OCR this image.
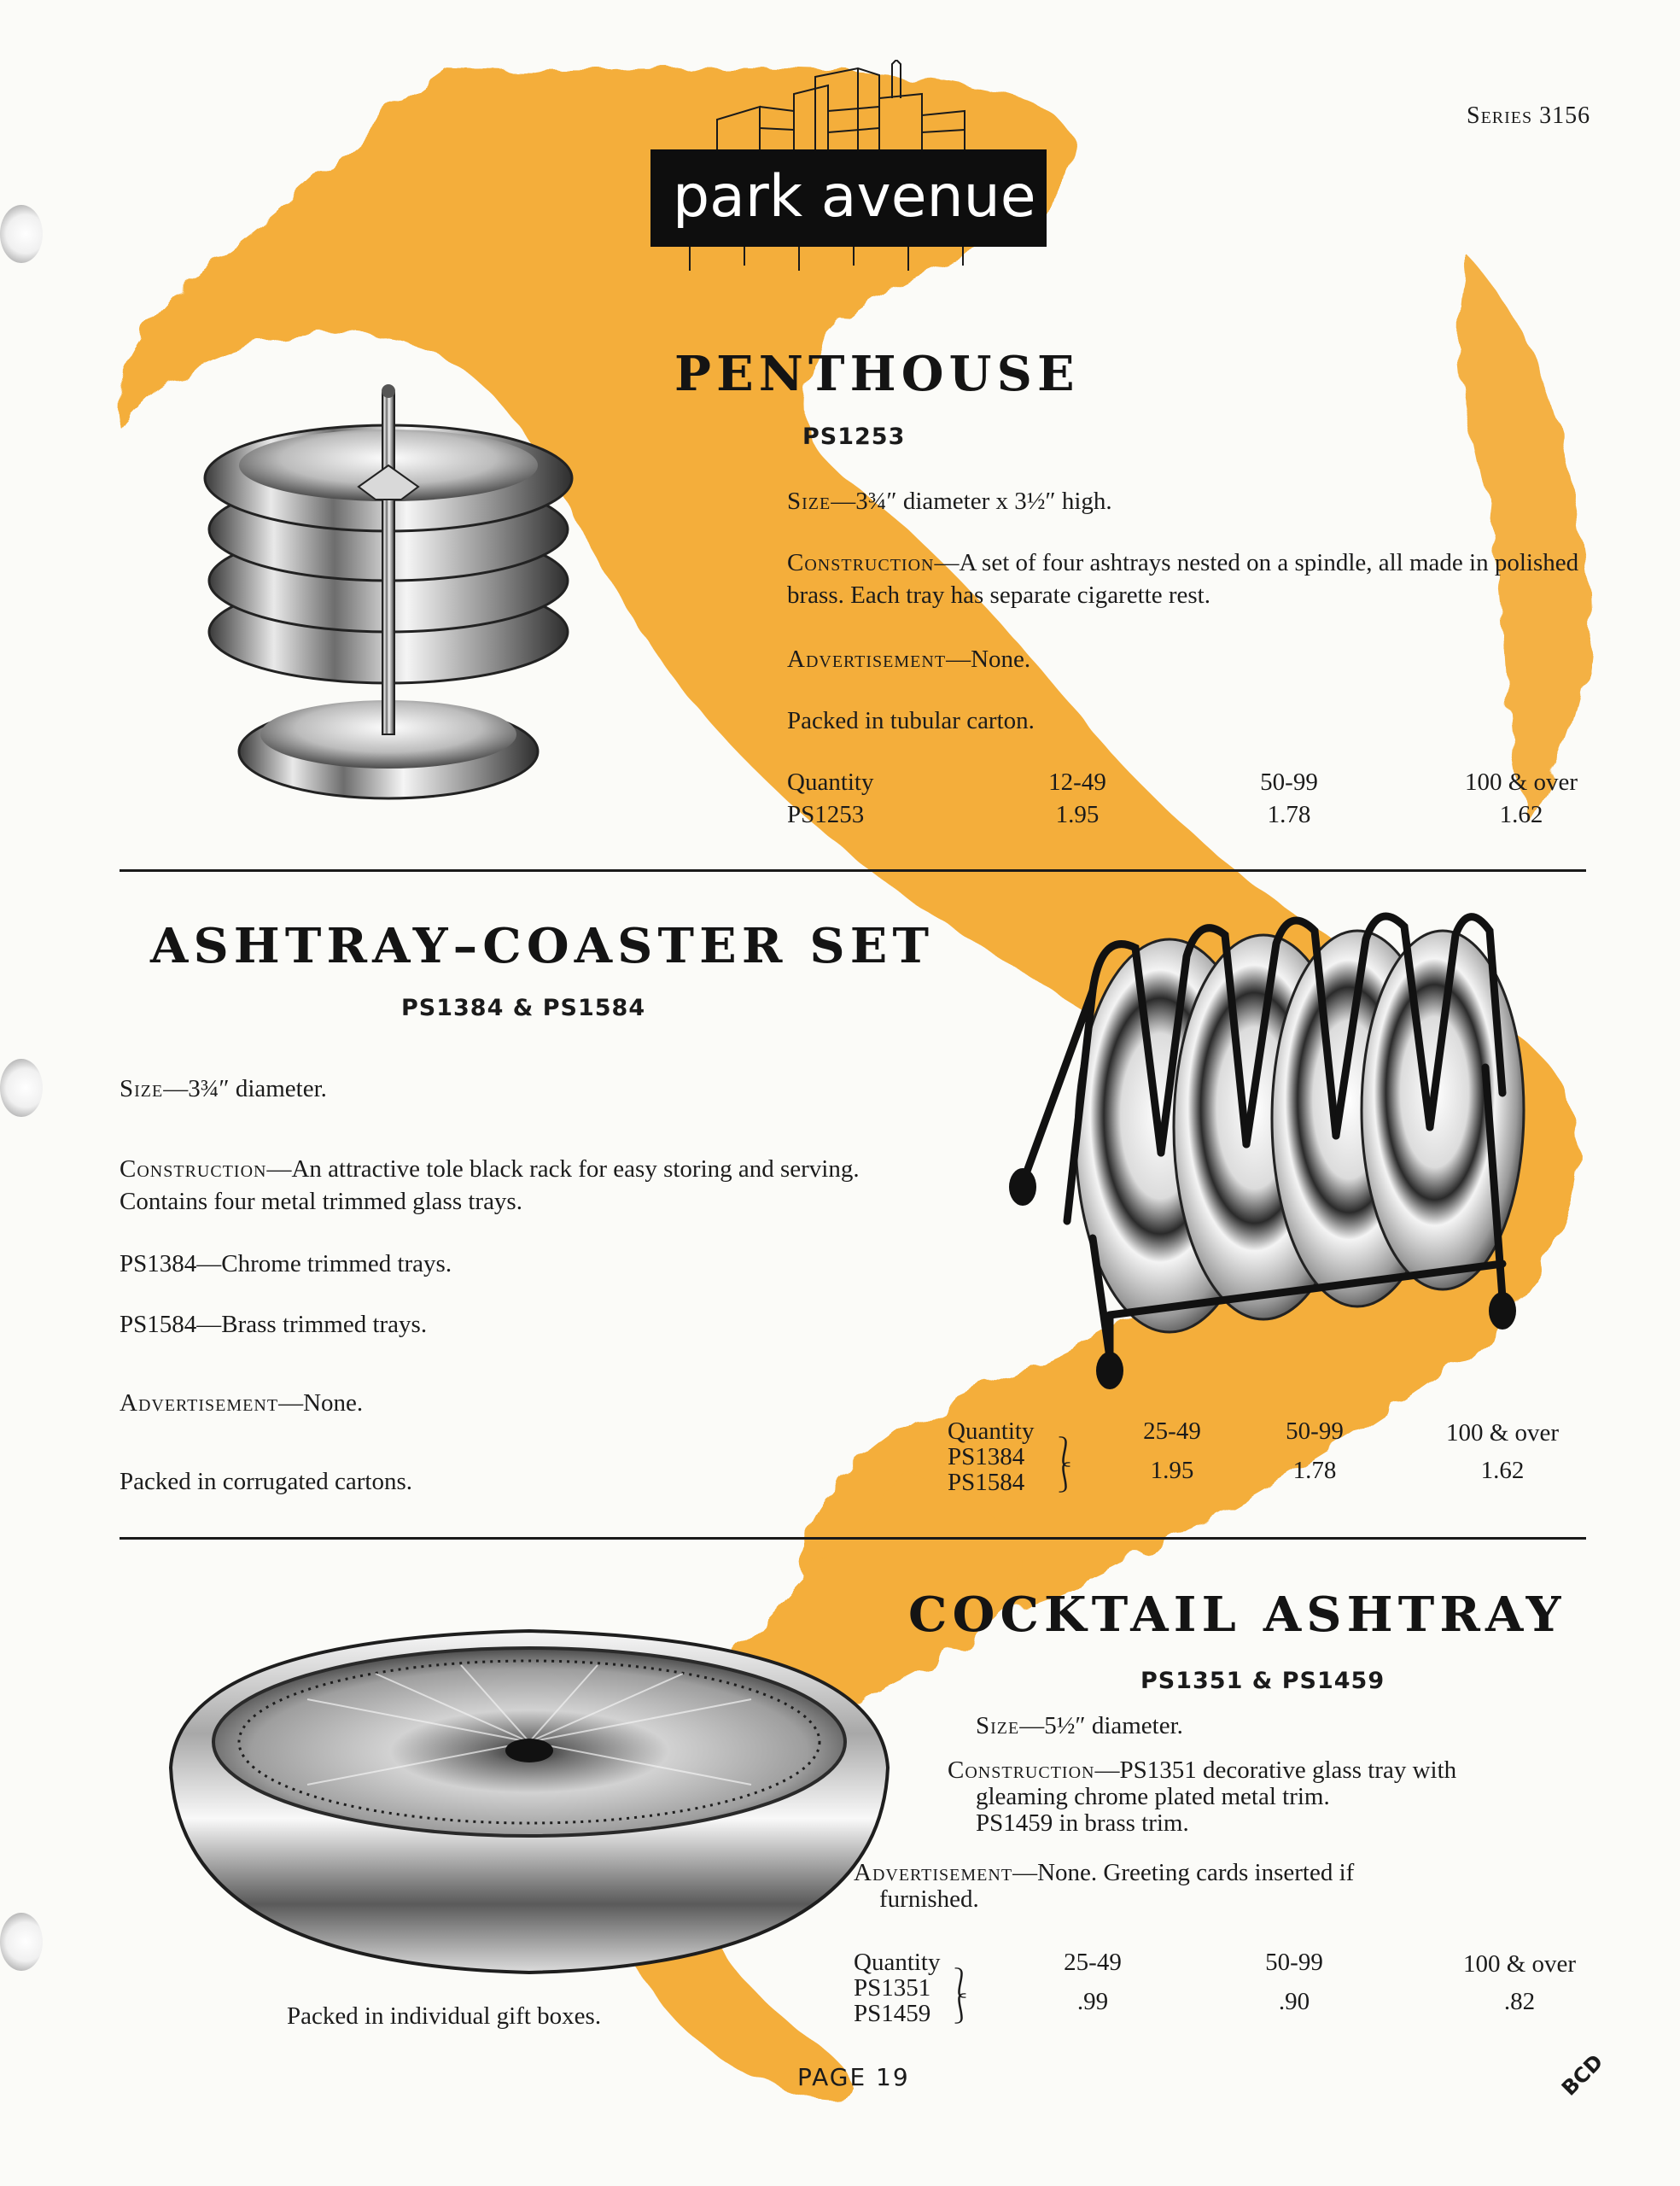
Series 3156
park avenue
PENTHOUSE
PS1253
Size—3¾″ diameter x 3½″ high.
Construction—A set of four ashtrays nested on a spindle, all made in polished brass. Each tray has separate cigarette rest.
Advertisement—None.
Packed in tubular carton.
Quantity
PS1253
12-49
1.95
50-99
1.78
100 & over
1.62
ASHTRAY–COASTER SET
PS1384 & PS1584
Size—3¾″ diameter.
Construction—An attractive tole black rack for easy storing and serving. Contains four metal trimmed glass trays.
PS1384—Chrome trimmed trays.
PS1584—Brass trimmed trays.
Advertisement—None.
Packed in corrugated cartons.
Quantity
PS1384 ⎱
PS1584 ⎰
25-49
1.95
50-99
1.78
100 & over
1.62
COCKTAIL ASHTRAY
PS1351 & PS1459
Size—5½″ diameter.
Construction—PS1351 decorative glass tray with
gleaming chrome plated metal trim.
PS1459 in brass trim.
Advertisement—None. Greeting cards inserted if
furnished.
Packed in individual gift boxes.
Quantity
PS1351 ⎱
PS1459 ⎰
25-49
.99
50-99
.90
100 & over
.82
PAGE 19	BCD
